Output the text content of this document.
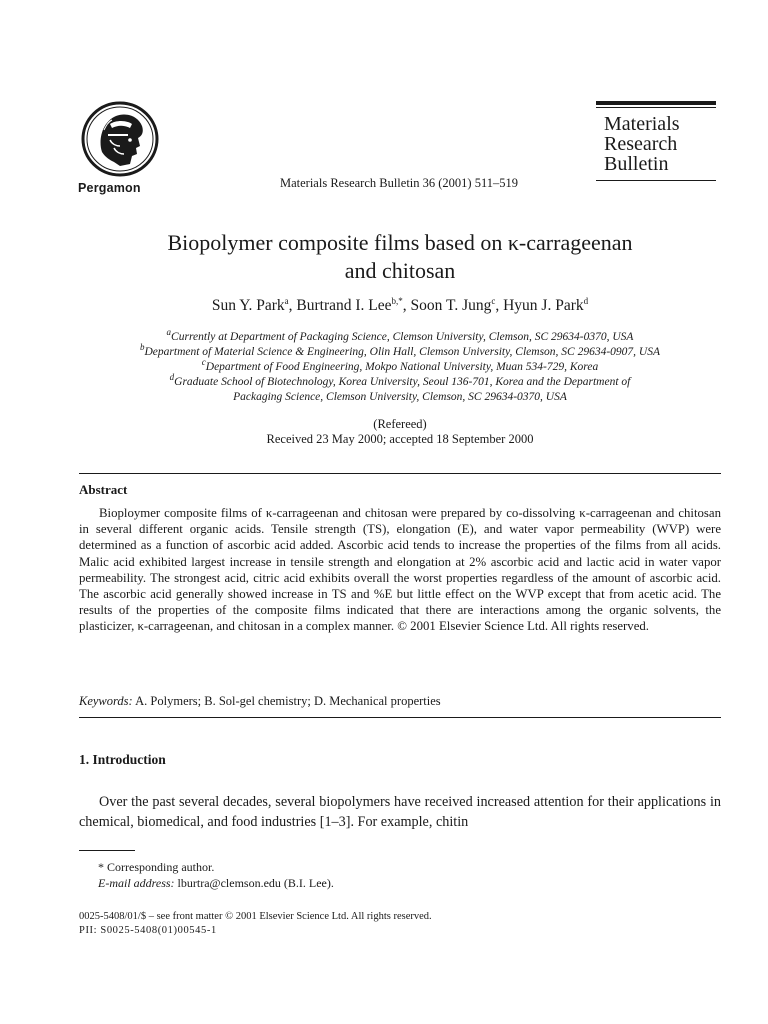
Pergamon	Materials Research Bulletin 36 (2001) 511–519
Materials
Research
Bulletin
Biopolymer composite films based on κ-carrageenan
and chitosan
Sun Y. Park$^a$, Burtrand I. Lee$^{b,*}$, Soon T. Jung$^c$, Hyun J. Park$^d$
$^a$Currently at Department of Packaging Science, Clemson University, Clemson, SC 29634-0370, USA
$^b$Department of Material Science & Engineering, Olin Hall, Clemson University, Clemson, SC 29634-0907, USA
$^c$Department of Food Engineering, Mokpo National University, Muan 534-729, Korea
$^d$Graduate School of Biotechnology, Korea University, Seoul 136-701, Korea and the Department of
Packaging Science, Clemson University, Clemson, SC 29634-0370, USA
(Refereed)
Received 23 May 2000; accepted 18 September 2000
Abstract
Bioploymer composite films of κ-carrageenan and chitosan were prepared by co-dissolving κ-carrageenan and chitosan in several different organic acids. Tensile strength (TS), elongation (E), and water vapor permeability (WVP) were determined as a function of ascorbic acid added. Ascorbic acid tends to increase the properties of the films from all acids. Malic acid exhibited largest increase in tensile strength and elongation at 2% ascorbic acid and lactic acid in water vapor permeability. The strongest acid, citric acid exhibits overall the worst properties regardless of the amount of ascorbic acid. The ascorbic acid generally showed increase in TS and %E but little effect on the WVP except that from acetic acid. The results of the properties of the composite films indicated that there are interactions among the organic solvents, the plasticizer, κ-carrageenan, and chitosan in a complex manner. © 2001 Elsevier Science Ltd. All rights reserved.
Keywords: A. Polymers; B. Sol-gel chemistry; D. Mechanical properties
1. Introduction
Over the past several decades, several biopolymers have received increased attention for their applications in chemical, biomedical, and food industries [1–3]. For example, chitin
* Corresponding author.
E-mail address: lburtra@clemson.edu (B.I. Lee).
0025-5408/01/$ – see front matter © 2001 Elsevier Science Ltd. All rights reserved.
PII: S0025-5408(01)00545-1
